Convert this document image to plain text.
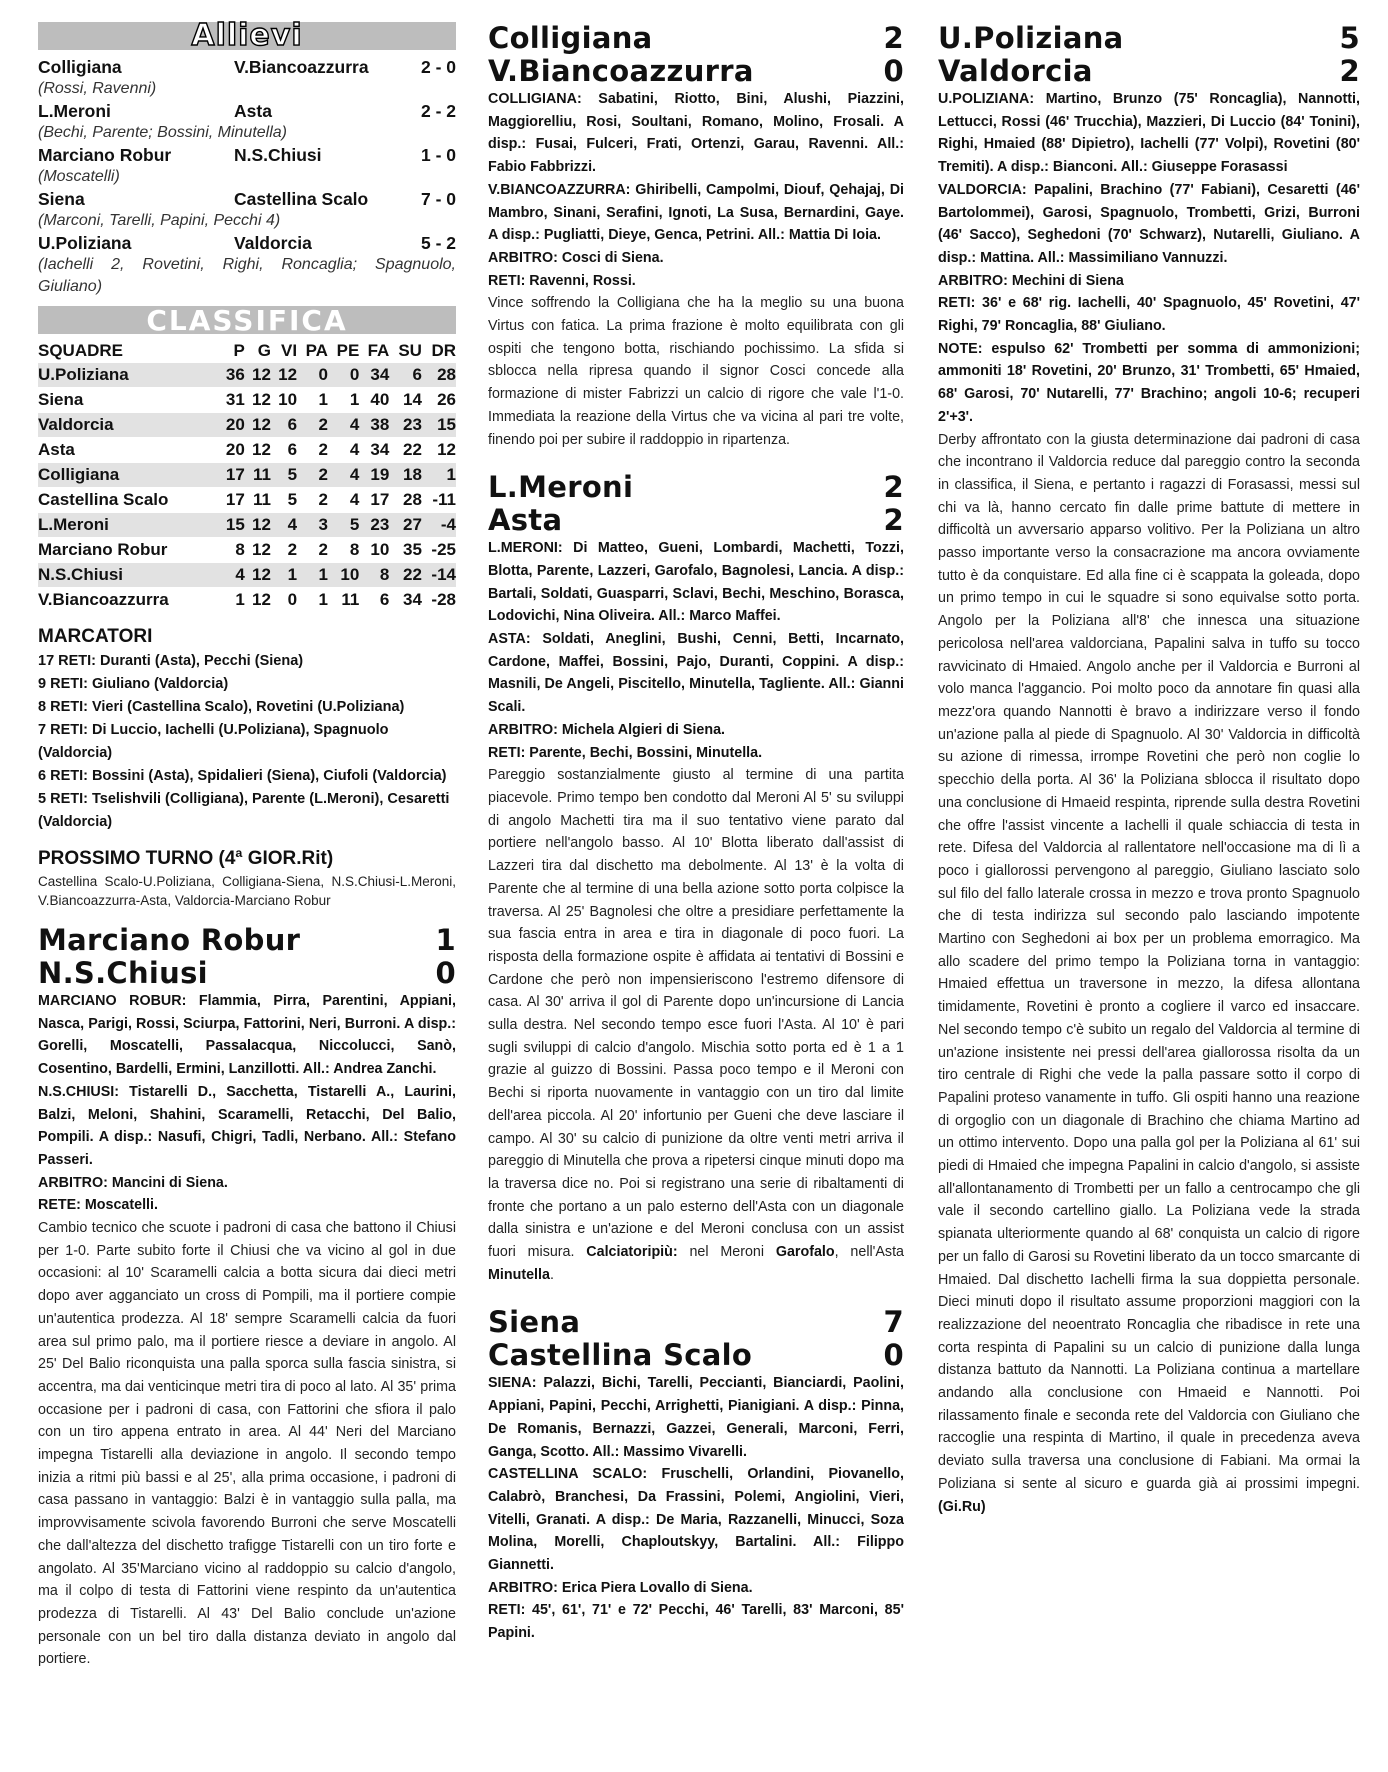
Allievi
Colligiana	V.Biancoazzurra	2 - 0
(Rossi, Ravenni)
L.Meroni	Asta	2 - 2
(Bechi, Parente; Bossini, Minutella)
Marciano Robur	N.S.Chiusi	1 - 0
(Moscatelli)
Siena	Castellina Scalo	7 - 0
(Marconi, Tarelli, Papini, Pecchi 4)
U.Poliziana	Valdorcia	5 - 2
(Iachelli 2, Rovetini, Righi, Roncaglia; Spagnuolo, Giuliano)
CLASSIFICA
SQUADRE	P	G	VI	PA	PE	FA	SU	DR
U.Poliziana	36	12	12	0	0	34	6	28
Siena	31	12	10	1	1	40	14	26
Valdorcia	20	12	6	2	4	38	23	15
Asta	20	12	6	2	4	34	22	12
Colligiana	17	11	5	2	4	19	18	1
Castellina Scalo	17	11	5	2	4	17	28	-11
L.Meroni	15	12	4	3	5	23	27	-4
Marciano Robur	8	12	2	2	8	10	35	-25
N.S.Chiusi	4	12	1	1	10	8	22	-14
V.Biancoazzurra	1	12	0	1	11	6	34	-28
MARCATORI
17 RETI: Duranti (Asta), Pecchi (Siena)
9 RETI: Giuliano (Valdorcia)
8 RETI: Vieri (Castellina Scalo), Rovetini (U.Poliziana)
7 RETI: Di Luccio, Iachelli (U.Poliziana), Spagnuolo (Valdorcia)
6 RETI: Bossini (Asta), Spidalieri (Siena), Ciufoli (Valdorcia)
5 RETI: Tselishvili (Colligiana), Parente (L.Meroni), Cesaretti (Valdorcia)
PROSSIMO TURNO (4ª GIOR.Rit)
Castellina Scalo-U.Poliziana, Colligiana-Siena, N.S.Chiusi-L.Meroni, V.Biancoazzurra-Asta, Valdorcia-Marciano Robur
Marciano Robur	1
N.S.Chiusi	0
MARCIANO ROBUR: Flammia, Pirra, Parentini, Appiani, Nasca, Parigi, Rossi, Sciurpa, Fattorini, Neri, Burroni. A disp.: Gorelli, Moscatelli, Passalacqua, Niccolucci, Sanò, Cosentino, Bardelli, Ermini, Lanzillotti. All.: Andrea Zanchi.
N.S.CHIUSI: Tistarelli D., Sacchetta, Tistarelli A., Laurini, Balzi, Meloni, Shahini, Scaramelli, Retacchi, Del Balio, Pompili. A disp.: Nasufi, Chigri, Tadli, Nerbano. All.: Stefano Passeri.
ARBITRO: Mancini di Siena.
RETE: Moscatelli.
Cambio tecnico che scuote i padroni di casa che battono il Chiusi per 1-0. Parte subito forte il Chiusi che va vicino al gol in due occasioni: al 10' Scaramelli calcia a botta sicura dai dieci metri dopo aver agganciato un cross di Pompili, ma il portiere compie un'autentica prodezza. Al 18' sempre Scaramelli calcia da fuori area sul primo palo, ma il portiere riesce a deviare in angolo. Al 25' Del Balio riconquista una palla sporca sulla fascia sinistra, si accentra, ma dai venticinque metri tira di poco al lato. Al 35' prima occasione per i padroni di casa, con Fattorini che sfiora il palo con un tiro appena entrato in area. Al 44' Neri del Marciano impegna Tistarelli alla deviazione in angolo. Il secondo tempo inizia a ritmi più bassi e al 25', alla prima occasione, i padroni di casa passano in vantaggio: Balzi è in vantaggio sulla palla, ma improvvisamente scivola favorendo Burroni che serve Moscatelli che dall'altezza del dischetto trafigge Tistarelli con un tiro forte e angolato. Al 35'Marciano vicino al raddoppio su calcio d'angolo, ma il colpo di testa di Fattorini viene respinto da un'autentica prodezza di Tistarelli. Al 43' Del Balio conclude un'azione personale con un bel tiro dalla distanza deviato in angolo dal portiere.
Colligiana	2
V.Biancoazzurra	0
COLLIGIANA: Sabatini, Riotto, Bini, Alushi, Piazzini, Maggiorelliu, Rosi, Soultani, Romano, Molino, Frosali. A disp.: Fusai, Fulceri, Frati, Ortenzi, Garau, Ravenni. All.: Fabio Fabbrizzi.
V.BIANCOAZZURRA: Ghiribelli, Campolmi, Diouf, Qehajaj, Di Mambro, Sinani, Serafini, Ignoti, La Susa, Bernardini, Gaye. A disp.: Pugliatti, Dieye, Genca, Petrini. All.: Mattia Di Ioia.
ARBITRO: Cosci di Siena.
RETI: Ravenni, Rossi.
Vince soffrendo la Colligiana che ha la meglio su una buona Virtus con fatica. La prima frazione è molto equilibrata con gli ospiti che tengono botta, rischiando pochissimo. La sfida si sblocca nella ripresa quando il signor Cosci concede alla formazione di mister Fabrizzi un calcio di rigore che vale l'1-0. Immediata la reazione della Virtus che va vicina al pari tre volte, finendo poi per subire il raddoppio in ripartenza.
L.Meroni	2
Asta	2
L.MERONI: Di Matteo, Gueni, Lombardi, Machetti, Tozzi, Blotta, Parente, Lazzeri, Garofalo, Bagnolesi, Lancia. A disp.: Bartali, Soldati, Guasparri, Sclavi, Bechi, Meschino, Borasca, Lodovichi, Nina Oliveira. All.: Marco Maffei.
ASTA: Soldati, Aneglini, Bushi, Cenni, Betti, Incarnato, Cardone, Maffei, Bossini, Pajo, Duranti, Coppini. A disp.: Masnili, De Angeli, Piscitello, Minutella, Tagliente. All.: Gianni Scali.
ARBITRO: Michela Algieri di Siena.
RETI: Parente, Bechi, Bossini, Minutella.
Pareggio sostanzialmente giusto al termine di una partita piacevole. Primo tempo ben condotto dal Meroni Al 5' su sviluppi di angolo Machetti tira ma il suo tentativo viene parato dal portiere nell'angolo basso. Al 10' Blotta liberato dall'assist di Lazzeri tira dal dischetto ma debolmente. Al 13' è la volta di Parente che al termine di una bella azione sotto porta colpisce la traversa. Al 25' Bagnolesi che oltre a presidiare perfettamente la sua fascia entra in area e tira in diagonale di poco fuori. La risposta della formazione ospite è affidata ai tentativi di Bossini e Cardone che però non impensieriscono l'estremo difensore di casa. Al 30' arriva il gol di Parente dopo un'incursione di Lancia sulla destra. Nel secondo tempo esce fuori l'Asta. Al 10' è pari sugli sviluppi di calcio d'angolo. Mischia sotto porta ed è 1 a 1 grazie al guizzo di Bossini. Passa poco tempo e il Meroni con Bechi si riporta nuovamente in vantaggio con un tiro dal limite dell'area piccola. Al 20' infortunio per Gueni che deve lasciare il campo. Al 30' su calcio di punizione da oltre venti metri arriva il pareggio di Minutella che prova a ripetersi cinque minuti dopo ma la traversa dice no. Poi si registrano una serie di ribaltamenti di fronte che portano a un palo esterno dell'Asta con un diagonale dalla sinistra e un'azione e del Meroni conclusa con un assist fuori misura. Calciatoripiù: nel Meroni Garofalo, nell'Asta Minutella.
Siena	7
Castellina Scalo	0
SIENA: Palazzi, Bichi, Tarelli, Peccianti, Bianciardi, Paolini, Appiani, Papini, Pecchi, Arrighetti, Pianigiani. A disp.: Pinna, De Romanis, Bernazzi, Gazzei, Generali, Marconi, Ferri, Ganga, Scotto. All.: Massimo Vivarelli.
CASTELLINA SCALO: Fruschelli, Orlandini, Piovanello, Calabrò, Branchesi, Da Frassini, Polemi, Angiolini, Vieri, Vitelli, Granati. A disp.: De Maria, Razzanelli, Minucci, Soza Molina, Morelli, Chaploutskyy, Bartalini. All.: Filippo Giannetti.
ARBITRO: Erica Piera Lovallo di Siena.
RETI: 45', 61', 71' e 72' Pecchi, 46' Tarelli, 83' Marconi, 85' Papini.
U.Poliziana	5
Valdorcia	2
U.POLIZIANA: Martino, Brunzo (75' Roncaglia), Nannotti, Lettucci, Rossi (46' Trucchia), Mazzieri, Di Luccio (84' Tonini), Righi, Hmaied (88' Dipietro), Iachelli (77' Volpi), Rovetini (80' Tremiti). A disp.: Bianconi. All.: Giuseppe Forasassi
VALDORCIA: Papalini, Brachino (77' Fabiani), Cesaretti (46' Bartolommei), Garosi, Spagnuolo, Trombetti, Grizi, Burroni (46' Sacco), Seghedoni (70' Schwarz), Nutarelli, Giuliano. A disp.: Mattina. All.: Massimiliano Vannuzzi.
ARBITRO: Mechini di Siena
RETI: 36' e 68' rig. Iachelli, 40' Spagnuolo, 45' Rovetini, 47' Righi, 79' Roncaglia, 88' Giuliano.
NOTE: espulso 62' Trombetti per somma di ammonizioni; ammoniti 18' Rovetini, 20' Brunzo, 31' Trombetti, 65' Hmaied, 68' Garosi, 70' Nutarelli, 77' Brachino; angoli 10-6; recuperi 2'+3'.
Derby affrontato con la giusta determinazione dai padroni di casa che incontrano il Valdorcia reduce dal pareggio contro la seconda in classifica, il Siena, e pertanto i ragazzi di Forasassi, messi sul chi va là, hanno cercato fin dalle prime battute di mettere in difficoltà un avversario apparso volitivo. Per la Poliziana un altro passo importante verso la consacrazione ma ancora ovviamente tutto è da conquistare. Ed alla fine ci è scappata la goleada, dopo un primo tempo in cui le squadre si sono equivalse sotto porta. Angolo per la Poliziana all'8' che innesca una situazione pericolosa nell'area valdorciana, Papalini salva in tuffo su tocco ravvicinato di Hmaied. Angolo anche per il Valdorcia e Burroni al volo manca l'aggancio. Poi molto poco da annotare fin quasi alla mezz'ora quando Nannotti è bravo a indirizzare verso il fondo un'azione palla al piede di Spagnuolo. Al 30' Valdorcia in difficoltà su azione di rimessa, irrompe Rovetini che però non coglie lo specchio della porta. Al 36' la Poliziana sblocca il risultato dopo una conclusione di Hmaeid respinta, riprende sulla destra Rovetini che offre l'assist vincente a Iachelli il quale schiaccia di testa in rete. Difesa del Valdorcia al rallentatore nell'occasione ma di lì a poco i giallorossi pervengono al pareggio, Giuliano lasciato solo sul filo del fallo laterale crossa in mezzo e trova pronto Spagnuolo che di testa indirizza sul secondo palo lasciando impotente Martino con Seghedoni ai box per un problema emorragico. Ma allo scadere del primo tempo la Poliziana torna in vantaggio: Hmaied effettua un traversone in mezzo, la difesa allontana timidamente, Rovetini è pronto a cogliere il varco ed insaccare. Nel secondo tempo c'è subito un regalo del Valdorcia al termine di un'azione insistente nei pressi dell'area giallorossa risolta da un tiro centrale di Righi che vede la palla passare sotto il corpo di Papalini proteso vanamente in tuffo. Gli ospiti hanno una reazione di orgoglio con un diagonale di Brachino che chiama Martino ad un ottimo intervento. Dopo una palla gol per la Poliziana al 61' sui piedi di Hmaied che impegna Papalini in calcio d'angolo, si assiste all'allontanamento di Trombetti per un fallo a centrocampo che gli vale il secondo cartellino giallo. La Poliziana vede la strada spianata ulteriormente quando al 68' conquista un calcio di rigore per un fallo di Garosi su Rovetini liberato da un tocco smarcante di Hmaied. Dal dischetto Iachelli firma la sua doppietta personale. Dieci minuti dopo il risultato assume proporzioni maggiori con la realizzazione del neoentrato Roncaglia che ribadisce in rete una corta respinta di Papalini su un calcio di punizione dalla lunga distanza battuto da Nannotti. La Poliziana continua a martellare andando alla conclusione con Hmaeid e Nannotti. Poi rilassamento finale e seconda rete del Valdorcia con Giuliano che raccoglie una respinta di Martino, il quale in precedenza aveva deviato sulla traversa una conclusione di Fabiani. Ma ormai la Poliziana si sente al sicuro e guarda già ai prossimi impegni. (Gi.Ru)
